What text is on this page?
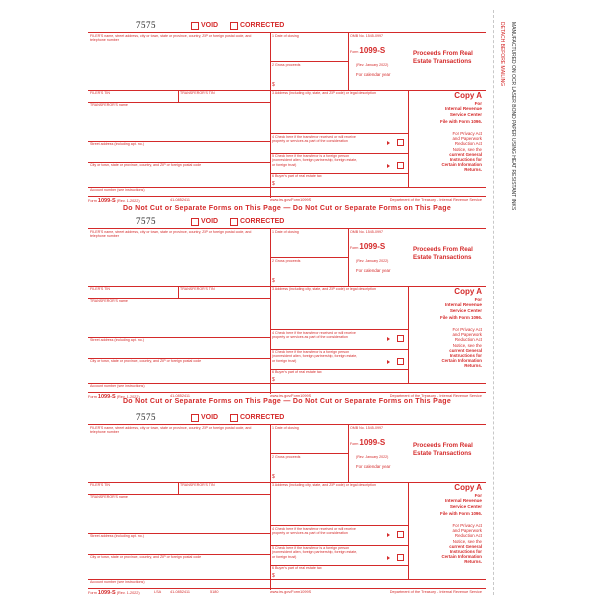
7575	VOID	CORRECTED
FILER'S name, street address, city or town, state or province, country, ZIP or foreign postal code, and telephone number
1 Date of closing	OMB No. 1545-0997
Form 1099-S
(Rev. January 2022)
For calendar year
2 Gross proceeds
$
Proceeds From Real
Estate Transactions
FILER'S TIN	TRANSFEROR'S TIN	3 Address (including city, state, and ZIP code) or legal description
TRANSFEROR'S name
Copy A
For
Internal Revenue
Service Center
File with Form 1096.
For Privacy Act
and Paperwork
Reduction Act
Notice, see the
current General
Instructions for
Certain Information
Returns.
4 Check here if the transferor received or will receive
property or services as part of the consideration
Street address (including apt. no.)
5 Check here if the transferor is a foreign person
(nonresident alien, foreign partnership, foreign estate,
or foreign trust)
City or town, state or province, country, and ZIP or foreign postal code
Account number (see instructions)
6 Buyer's part of real estate tax
$
Form 1099-S (Rev. 1-2022)	41-0852411	www.irs.gov/Form1099S	Department of the Treasury - Internal Revenue Service
Do Not Cut or Separate Forms on This Page — Do Not Cut or Separate Forms on This Page
7575	VOID	CORRECTED
FILER'S name, street address, city or town, state or province, country, ZIP or foreign postal code, and telephone number
1 Date of closing	OMB No. 1545-0997
Form 1099-S
(Rev. January 2022)
For calendar year
2 Gross proceeds
$
Proceeds From Real
Estate Transactions
FILER'S TIN	TRANSFEROR'S TIN	3 Address (including city, state, and ZIP code) or legal description
TRANSFEROR'S name
Copy A
For
Internal Revenue
Service Center
File with Form 1096.
For Privacy Act
and Paperwork
Reduction Act
Notice, see the
current General
Instructions for
Certain Information
Returns.
4 Check here if the transferor received or will receive
property or services as part of the consideration
Street address (including apt. no.)
5 Check here if the transferor is a foreign person
(nonresident alien, foreign partnership, foreign estate,
or foreign trust)
City or town, state or province, country, and ZIP or foreign postal code
Account number (see instructions)
6 Buyer's part of real estate tax
$
Form 1099-S (Rev. 1-2022)	41-0852411	www.irs.gov/Form1099S	Department of the Treasury - Internal Revenue Service
Do Not Cut or Separate Forms on This Page — Do Not Cut or Separate Forms on This Page
7575	VOID	CORRECTED
FILER'S name, street address, city or town, state or province, country, ZIP or foreign postal code, and telephone number
1 Date of closing	OMB No. 1545-0997
Form 1099-S
(Rev. January 2022)
For calendar year
2 Gross proceeds
$
Proceeds From Real
Estate Transactions
FILER'S TIN	TRANSFEROR'S TIN	3 Address (including city, state, and ZIP code) or legal description
TRANSFEROR'S name
Copy A
For
Internal Revenue
Service Center
File with Form 1096.
For Privacy Act
and Paperwork
Reduction Act
Notice, see the
current General
Instructions for
Certain Information
Returns.
4 Check here if the transferor received or will receive
property or services as part of the consideration
Street address (including apt. no.)
5 Check here if the transferor is a foreign person
(nonresident alien, foreign partnership, foreign estate,
or foreign trust)
City or town, state or province, country, and ZIP or foreign postal code
Account number (see instructions)
6 Buyer's part of real estate tax
$
Form 1099-S (Rev. 1-2022)	LSA 41-0852411	5180	www.irs.gov/Form1099S	Department of the Treasury - Internal Revenue Service
DETACH BEFORE MAILING MANUFACTURED ON OCR LASER BOND PAPER USING HEAT RESISTANT INKS
